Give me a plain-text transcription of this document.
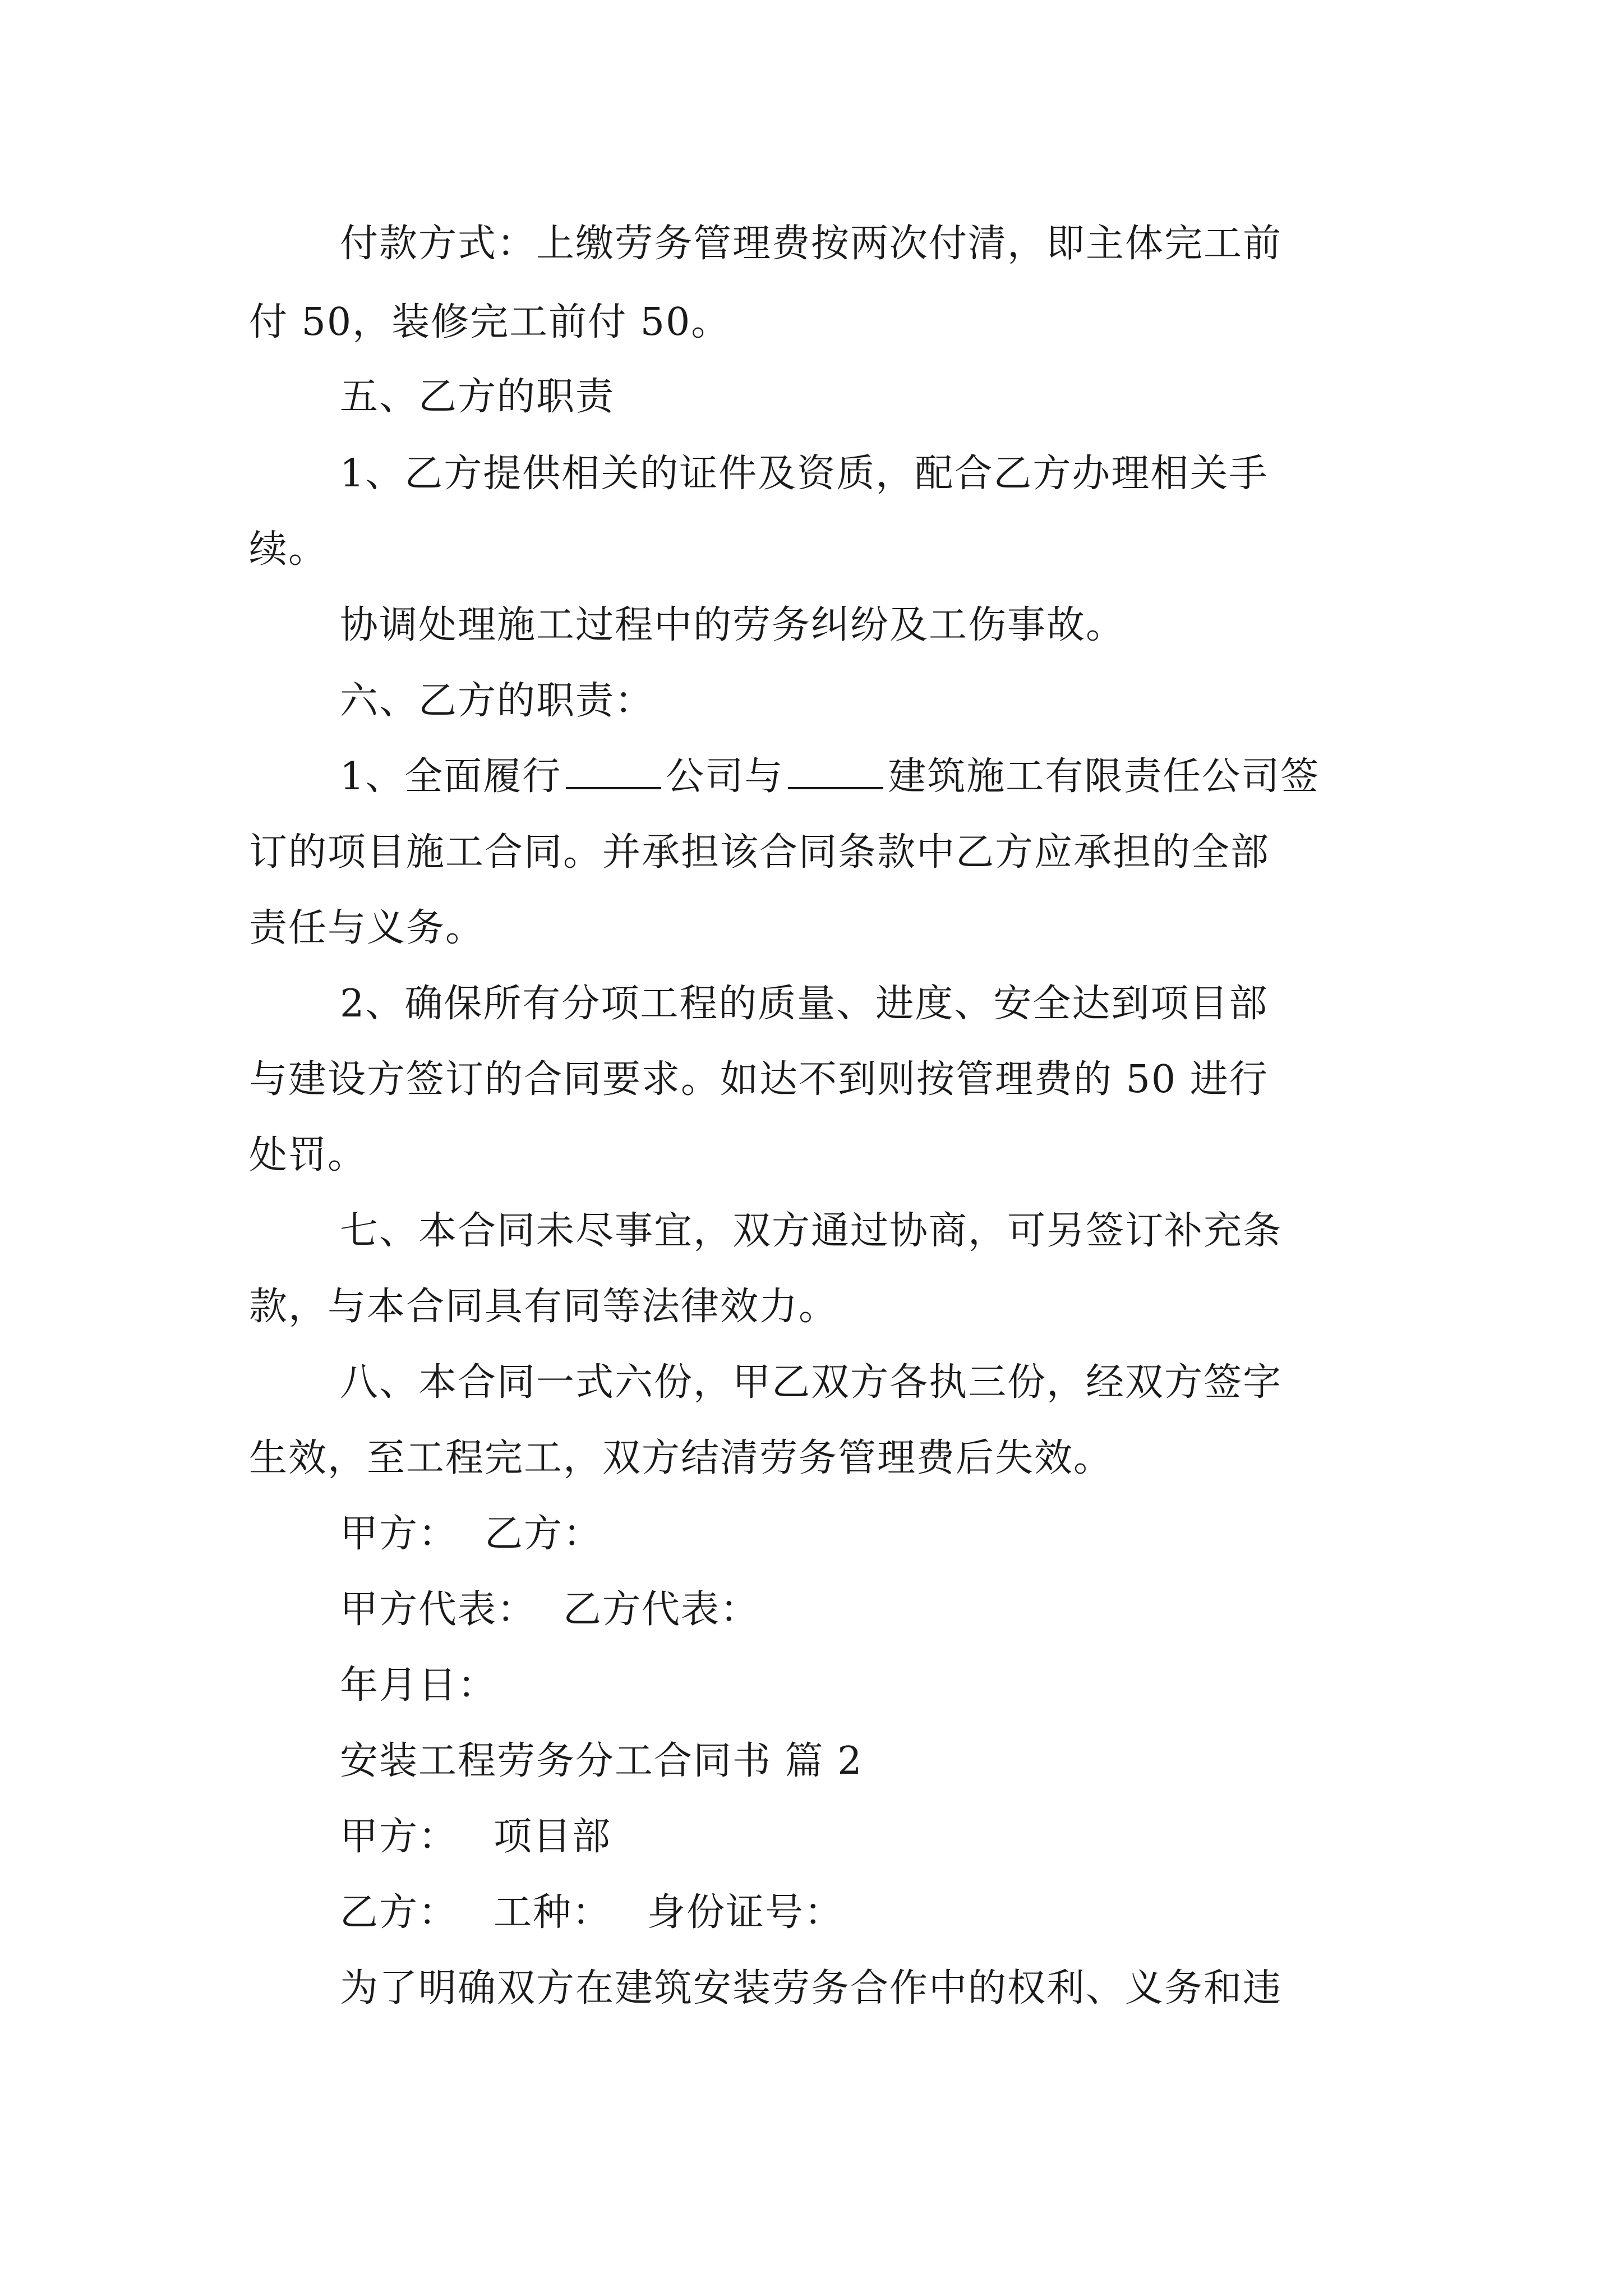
付款方式：上缴劳务管理费按两次付清，即主体完工前
付 50，装修完工前付 50。
五、乙方的职责
1、乙方提供相关的证件及资质，配合乙方办理相关手
续。
协调处理施工过程中的劳务纠纷及工伤事故。
六、乙方的职责：
1、全面履行	公司与	建筑施工有限责任公司签
订的项目施工合同。并承担该合同条款中乙方应承担的全部
责任与义务。
2、确保所有分项工程的质量、进度、安全达到项目部
与建设方签订的合同要求。如达不到则按管理费的 50 进行
处罚。
七、本合同未尽事宜，双方通过协商，可另签订补充条
款，与本合同具有同等法律效力。
八、本合同一式六份，甲乙双方各执三份，经双方签字
生效，至工程完工，双方结清劳务管理费后失效。
甲方： 乙方：
甲方代表： 乙方代表：
年月日：
安装工程劳务分工合同书 篇 2
甲方： 项目部
乙方： 工种： 身份证号：
为了明确双方在建筑安装劳务合作中的权利、义务和违
